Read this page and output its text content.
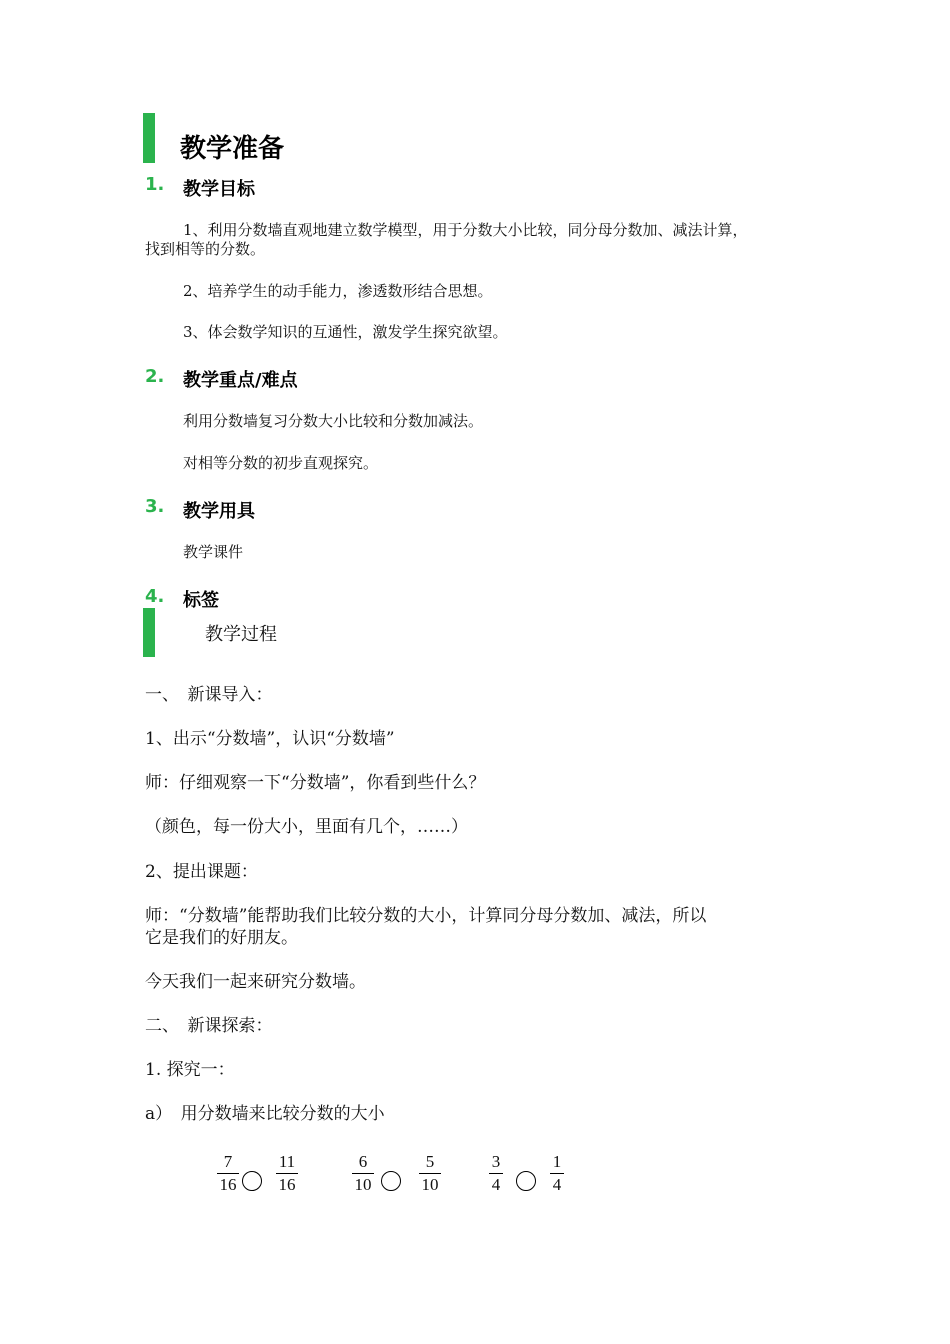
教学准备
1. 教学目标
1、利用分数墙直观地建立数学模型，用于分数大小比较，同分母分数加、减法计算，
找到相等的分数。
2、培养学生的动手能力，渗透数形结合思想。
3、体会数学知识的互通性，激发学生探究欲望。
2. 教学重点/难点
利用分数墙复习分数大小比较和分数加减法。
对相等分数的初步直观探究。
3. 教学用具
教学课件
4. 标签
教学过程
一、　新课导入：
1、出示“分数墙”，认识“分数墙”
师：仔细观察一下“分数墙”，你看到些什么？
（颜色，每一份大小，里面有几个，……）
2、提出课题：
师：“分数墙”能帮助我们比较分数的大小，计算同分母分数加、减法，所以
它是我们的好朋友。
今天我们一起来研究分数墙。
二、　新课探索：
1. 探究一：
a）　用分数墙来比较分数的大小
7
16
11
16
6
10
5
10
3
4
1
4
